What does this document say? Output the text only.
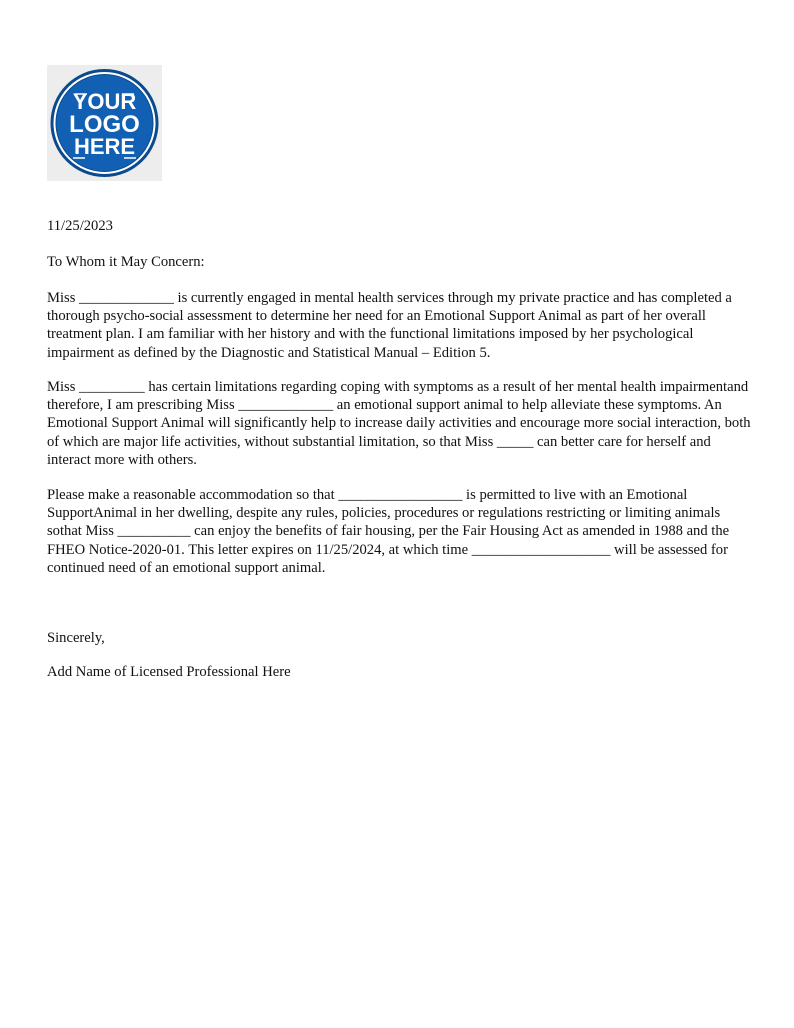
YOUR
LOGO
HERE

11/25/2023

To Whom it May Concern:

Miss _____________ is currently engaged in mental health services through my private practice and has completed a thorough psycho-social assessment to determine her need for an Emotional Support Animal as part of her overall treatment plan. I am familiar with her history and with the functional limitations imposed by her psychological impairment as defined by the Diagnostic and Statistical Manual – Edition 5.

Miss _________ has certain limitations regarding coping with symptoms as a result of her mental health impairmentand therefore, I am prescribing Miss _____________ an emotional support animal to help alleviate these symptoms. An Emotional Support Animal will significantly help to increase daily activities and encourage more social interaction, both of which are major life activities, without substantial limitation, so that Miss _____ can better care for herself and interact more with others.

Please make a reasonable accommodation so that _________________ is permitted to live with an Emotional SupportAnimal in her dwelling, despite any rules, policies, procedures or regulations restricting or limiting animals sothat Miss __________ can enjoy the benefits of fair housing, per the Fair Housing Act as amended in 1988 and the FHEO Notice-2020-01. This letter expires on 11/25/2024, at which time ___________________ will be assessed for continued need of an emotional support animal.

Sincerely,

Add Name of Licensed Professional Here
